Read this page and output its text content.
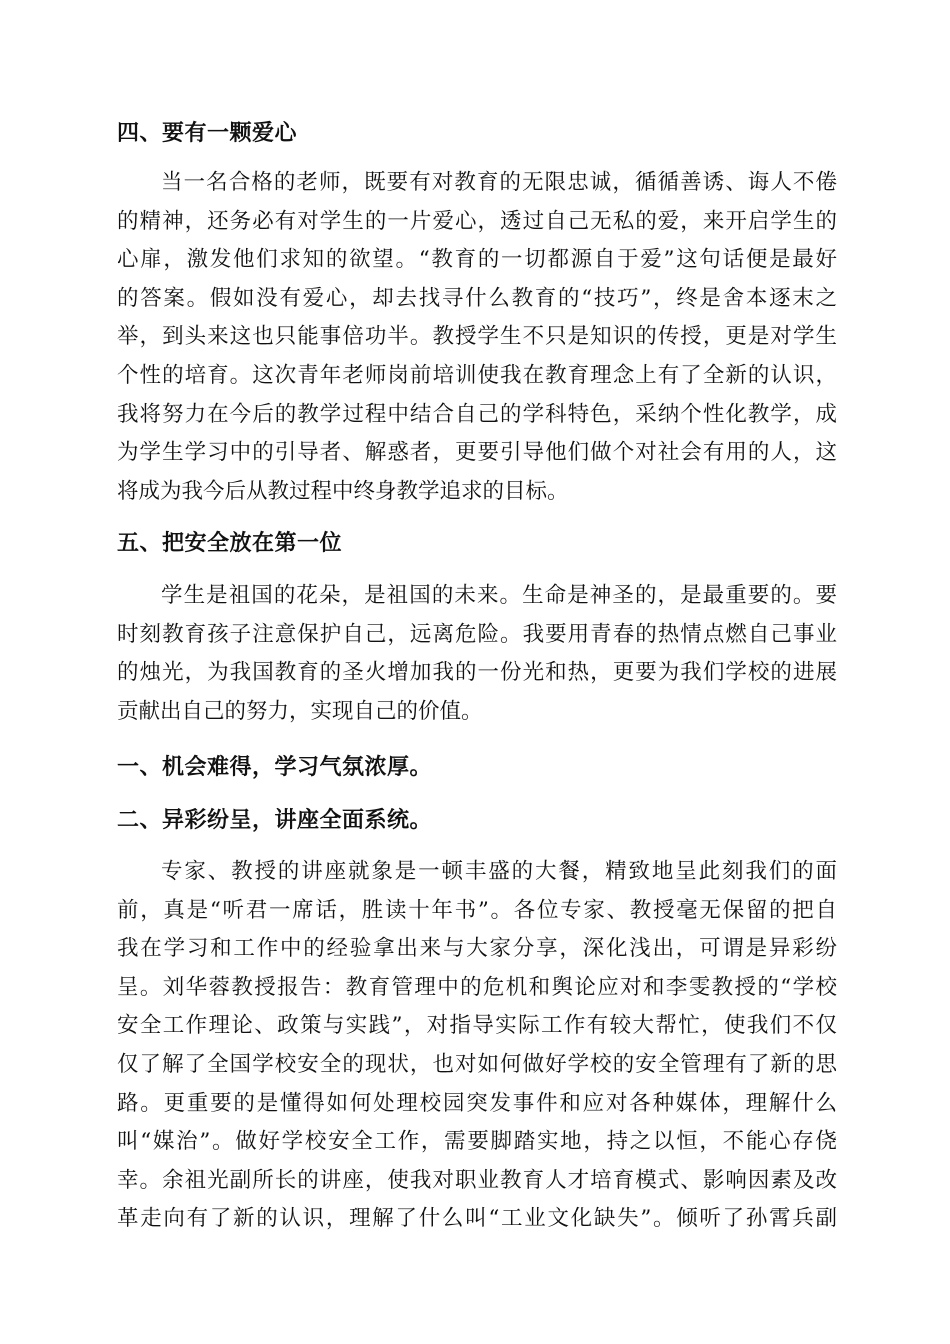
四、要有一颗爱心
当一名合格的老师，既要有对教育的无限忠诚，循循善诱、诲人不倦
的精神，还务必有对学生的一片爱心，透过自己无私的爱，来开启学生的
心扉，激发他们求知的欲望。“教育的一切都源自于爱”这句话便是最好
的答案。假如没有爱心，却去找寻什么教育的“技巧”，终是舍本逐末之
举，到头来这也只能事倍功半。教授学生不只是知识的传授，更是对学生
个性的培育。这次青年老师岗前培训使我在教育理念上有了全新的认识，
我将努力在今后的教学过程中结合自己的学科特色，采纳个性化教学，成
为学生学习中的引导者、解惑者，更要引导他们做个对社会有用的人，这
将成为我今后从教过程中终身教学追求的目标。
五、把安全放在第一位
学生是祖国的花朵，是祖国的未来。生命是神圣的，是最重要的。要
时刻教育孩子注意保护自己，远离危险。我要用青春的热情点燃自己事业
的烛光，为我国教育的圣火增加我的一份光和热，更要为我们学校的进展
贡献出自己的努力，实现自己的价值。
一、机会难得，学习气氛浓厚。
二、异彩纷呈，讲座全面系统。
专家、教授的讲座就象是一顿丰盛的大餐，精致地呈此刻我们的面
前，真是“听君一席话，胜读十年书”。各位专家、教授毫无保留的把自
我在学习和工作中的经验拿出来与大家分享，深化浅出，可谓是异彩纷
呈。刘华蓉教授报告：教育管理中的危机和舆论应对和李雯教授的“学校
安全工作理论、政策与实践”，对指导实际工作有较大帮忙，使我们不仅
仅了解了全国学校安全的现状，也对如何做好学校的安全管理有了新的思
路。更重要的是懂得如何处理校园突发事件和应对各种媒体，理解什么
叫“媒治”。做好学校安全工作，需要脚踏实地，持之以恒，不能心存侥
幸。余祖光副所长的讲座，使我对职业教育人才培育模式、影响因素及改
革走向有了新的认识，理解了什么叫“工业文化缺失”。倾听了孙霄兵副
